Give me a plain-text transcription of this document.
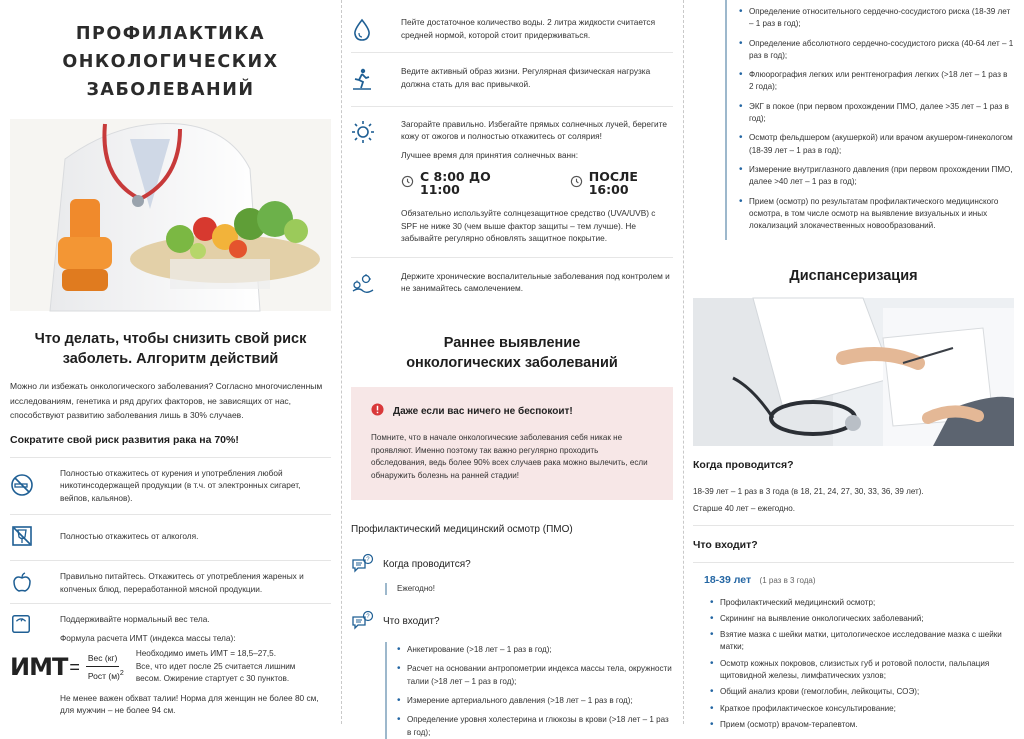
ПРОФИЛАКТИКА
ОНКОЛОГИЧЕСКИХ ЗАБОЛЕВАНИЙ
Что делать, чтобы снизить свой риск
заболеть. Алгоритм действий

Можно ли избежать онкологического заболевания? Согласно многочисленным исследованиям, генетика и ряд других факторов, не зависящих от нас, способствуют развитию заболевания лишь в 30% случаев.

Сократите свой риск развития рака на 70%!
Полностью откажитесь от курения и употребления любой никотинсодержащей продукции (в т.ч. от электронных сигарет, вейпов, кальянов).
Полностью откажитесь от алкоголя.
Правильно питайтесь. Откажитесь от употребления жареных и копченых блюд, переработанной мясной продукции.
Поддерживайте нормальный вес тела.
Формула расчета ИМТ (индекса массы тела):
ИМТ = $\frac{\text{Вес (кг)}}{Рост (м)^2}$ Необходимо иметь ИМТ = 18,5–27,5.
Все, что идет после 25 считается лишним весом. Ожирение стартует с 30 пунктов.
Не менее важен обхват талии! Норма для женщин не более 80 см, для мужчин – не более 94 см.
Пейте достаточное количество воды. 2 литра жидкости считается средней нормой, которой стоит придерживаться.
Ведите активный образ жизни. Регулярная физическая нагрузка должна стать для вас привычкой.
Загорайте правильно. Избегайте прямых солнечных лучей, берегите кожу от ожогов и полностью откажитесь от солярия!
Лучшее время для принятия солнечных ванн:
С 8:00 ДО 11:00
ПОСЛЕ 16:00
Обязательно используйте солнцезащитное средство (UVA/UVB) с SPF не ниже 30 (чем выше фактор защиты – тем лучше). Не забывайте регулярно обновлять защитное покрытие.
Держите хронические воспалительные заболевания под контролем и не занимайтесь самолечением.
Раннее выявление
онкологических заболеваний
Даже если вас ничего не беспокоит!
Помните, что в начале онкологические заболевания себя никак не проявляют. Именно поэтому так важно регулярно проходить обследования, ведь более 90% всех случаев рака можно вылечить, если обнаружить болезнь на ранней стадии!
Профилактический медицинский осмотр (ПМО)
? Когда проводится?
Ежегодно!
? Что входит?
• Анкетирование (>18 лет – 1 раз в год);
• Расчет на основании антропометрии индекса массы тела, окружности талии (>18 лет – 1 раз в год);
• Измерение артериального давления (>18 лет – 1 раз в год);
• Определение уровня холестерина и глюкозы в крови (>18 лет – 1 раз в год);
• Определение относительного сердечно-сосудистого риска (18-39 лет – 1 раз в год);
• Определение абсолютного сердечно-сосудистого риска (40-64 лет – 1 раз в год);
• Флюорография легких или рентгенография легких (>18 лет – 1 раз в 2 года);
• ЭКГ в покое (при первом прохождении ПМО, далее >35 лет – 1 раз в год);
• Осмотр фельдшером (акушеркой) или врачом акушером-гинекологом (18-39 лет – 1 раз в год);
• Измерение внутриглазного давления (при первом прохождении ПМО, далее >40 лет – 1 раз в год);
• Прием (осмотр) по результатам профилактического медицинского осмотра, в том числе осмотр на выявление визуальных и иных локализаций злокачественных новообразований.
Диспансеризация
Когда проводится?
18-39 лет – 1 раз в 3 года (в 18, 21, 24, 27, 30, 33, 36, 39 лет).
Старше 40 лет – ежегодно.
Что входит?
18-39 лет (1 раз в 3 года)
• Профилактический медицинский осмотр;
• Скрининг на выявление онкологических заболеваний;
• Взятие мазка с шейки матки, цитологическое исследование мазка с шейки матки;
• Осмотр кожных покровов, слизистых губ и ротовой полости, пальпация щитовидной железы, лимфатических узлов;
• Общий анализ крови (гемоглобин, лейкоциты, СОЭ);
• Краткое профилактическое консультирование;
• Прием (осмотр) врачом-терапевтом.
